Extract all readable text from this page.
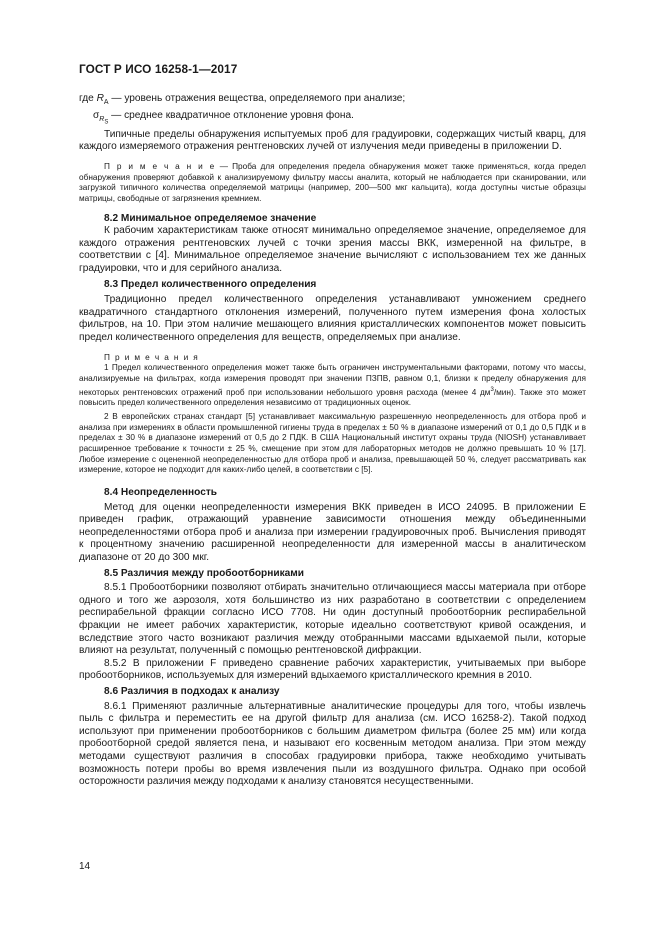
ГОСТ Р ИСО 16258-1—2017

где $R_A$ — уровень отражения вещества, определяемого при анализе;

$\sigma_{R_S}$ — среднее квадратичное отклонение уровня фона.

Типичные пределы обнаружения испытуемых проб для градуировки, содержащих чистый кварц, для каждого измеряемого отражения рентгеновских лучей от излучения меди приведены в приложении D.

П р и м е ч а н и е — Проба для определения предела обнаружения может также применяться, когда предел обнаружения проверяют добавкой к анализируемому фильтру массы аналита, который не наблюдается при сканировании, или загрузкой типичного количества определяемой матрицы (например, 200—500 мкг кальцита), когда доступны чистые образцы матрицы, свободные от загрязнения кремнием.

8.2 Минимальное определяемое значение

К рабочим характеристикам также относят минимально определяемое значение, определяемое для каждого отражения рентгеновских лучей с точки зрения массы ВКК, измеренной на фильтре, в соответствии с [4]. Минимальное определяемое значение вычисляют с использованием тех же данных градуировки, что и для серийного анализа.

8.3 Предел количественного определения

Традиционно предел количественного определения устанавливают умножением среднего квадратичного стандартного отклонения измерений, полученного путем измерения фона холостых фильтров, на 10. При этом наличие мешающего влияния кристаллических компонентов может повысить предел количественного определения для веществ, определяемых при анализе.

П р и м е ч а н и я

1 Предел количественного определения может также быть ограничен инструментальными факторами, потому что массы, анализируемые на фильтрах, когда измерения проводят при значении ПЗПВ, равном 0,1, близки к пределу обнаружения для некоторых рентгеновских отражений проб при использовании небольшого уровня расхода (менее 4 $дм^3/мин$). Также это может повысить предел количественного определения независимо от традиционных оценок.

2 В европейских странах стандарт [5] устанавливает максимальную разрешенную неопределенность для отбора проб и анализа при измерениях в области промышленной гигиены труда в пределах ± 50 % в диапазоне измерений от 0,1 до 0,5 ПДК и в пределах ± 30 % в диапазоне измерений от 0,5 до 2 ПДК. В США Национальный институт охраны труда (NIOSH) устанавливает расширенное требование к точности ± 25 %, смещение при этом для лабораторных методов не должно превышать 10 % [17]. Любое измерение с оцененной неопределенностью для отбора проб и анализа, превышающей 50 %, следует рассматривать как измерение, которое не подходит для каких-либо целей, в соответствии с [5].

8.4 Неопределенность

Метод для оценки неопределенности измерения ВКК приведен в ИСО 24095. В приложении Е приведен график, отражающий уравнение зависимости отношения между объединенными неопределенностями отбора проб и анализа при измерении градуировочных проб. Вычисления приводят к процентному значению расширенной неопределенности для измеренной массы в аналитическом диапазоне от 20 до 300 мкг.

8.5 Различия между пробоотборниками

8.5.1 Пробоотборники позволяют отбирать значительно отличающиеся массы материала при отборе одного и того же аэрозоля, хотя большинство из них разработано в соответствии с определением респирабельной фракции согласно ИСО 7708. Ни один доступный пробоотборник респирабельной фракции не имеет рабочих характеристик, которые идеально соответствуют кривой осаждения, и вследствие этого часто возникают различия между отобранными массами вдыхаемой пыли, которые влияют на результат, полученный с помощью рентгеновской дифракции.

8.5.2 В приложении F приведено сравнение рабочих характеристик, учитываемых при выборе пробоотборников, используемых для измерений вдыхаемого кристаллического кремния в 2010.

8.6 Различия в подходах к анализу

8.6.1 Применяют различные альтернативные аналитические процедуры для того, чтобы извлечь пыль с фильтра и переместить ее на другой фильтр для анализа (см. ИСО 16258-2). Такой подход используют при применении пробоотборников с большим диаметром фильтра (более 25 мм) или когда пробоотборной средой является пена, и называют его косвенным методом анализа. При этом между методами существуют различия в способах градуировки прибора, также необходимо учитывать возможность потери пробы во время извлечения пыли из воздушного фильтра. Однако при особой осторожности различия между подходами к анализу становятся несущественными.

14
